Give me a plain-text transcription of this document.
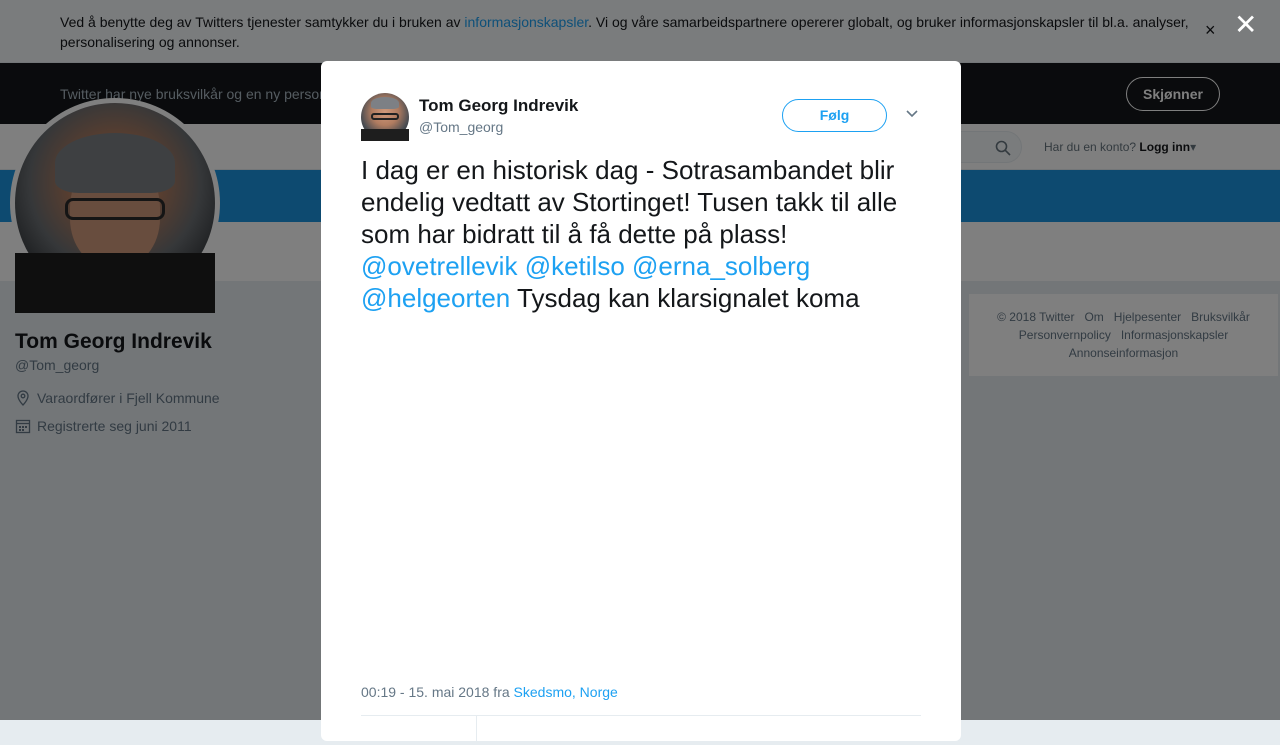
✕
Tom Georg Indrevik
@Tom_georg
Følg
I dag er en historisk dag - Sotrasambandet blir endelig vedtatt av Stortinget! Tusen takk til alle som har bidratt til å få dette på plass! @ovetrellevik @ketilso @erna_solberg @helgeorten Tysdag kan klarsignalet koma
00:19 - 15. mai 2018 fra Skedsmo, Norge
